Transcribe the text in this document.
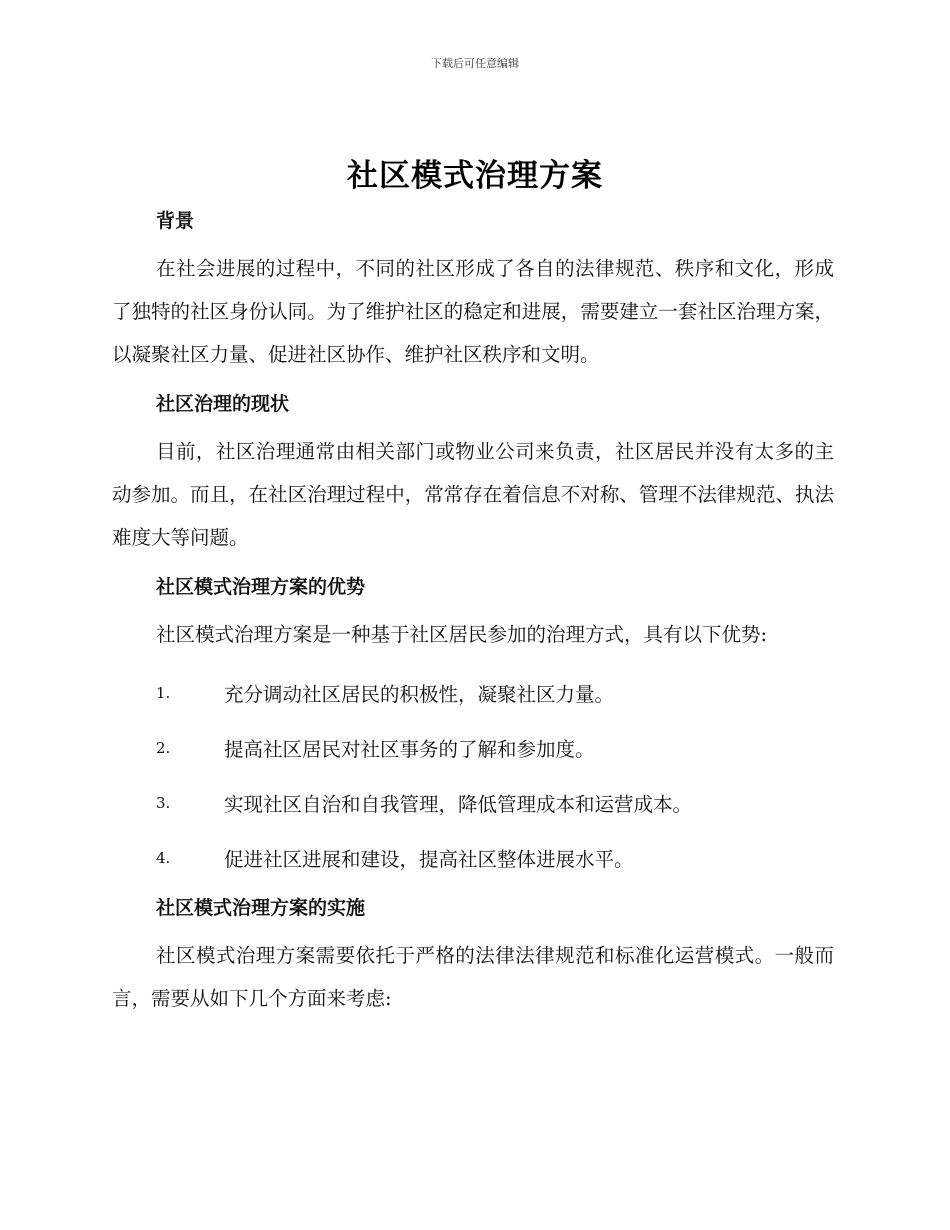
下载后可任意编辑
社区模式治理方案

背景

在社会进展的过程中，不同的社区形成了各自的法律规范、秩序和文化，形成了独特的社区身份认同。为了维护社区的稳定和进展，需要建立一套社区治理方案，以凝聚社区力量、促进社区协作、维护社区秩序和文明。

社区治理的现状

目前，社区治理通常由相关部门或物业公司来负责，社区居民并没有太多的主动参加。而且，在社区治理过程中，常常存在着信息不对称、管理不法律规范、执法难度大等问题。

社区模式治理方案的优势

社区模式治理方案是一种基于社区居民参加的治理方式，具有以下优势:

1.	充分调动社区居民的积极性，凝聚社区力量。
2.	提高社区居民对社区事务的了解和参加度。
3.	实现社区自治和自我管理，降低管理成本和运营成本。
4.	促进社区进展和建设，提高社区整体进展水平。

社区模式治理方案的实施

社区模式治理方案需要依托于严格的法律法律规范和标准化运营模式。一般而言，需要从如下几个方面来考虑:
